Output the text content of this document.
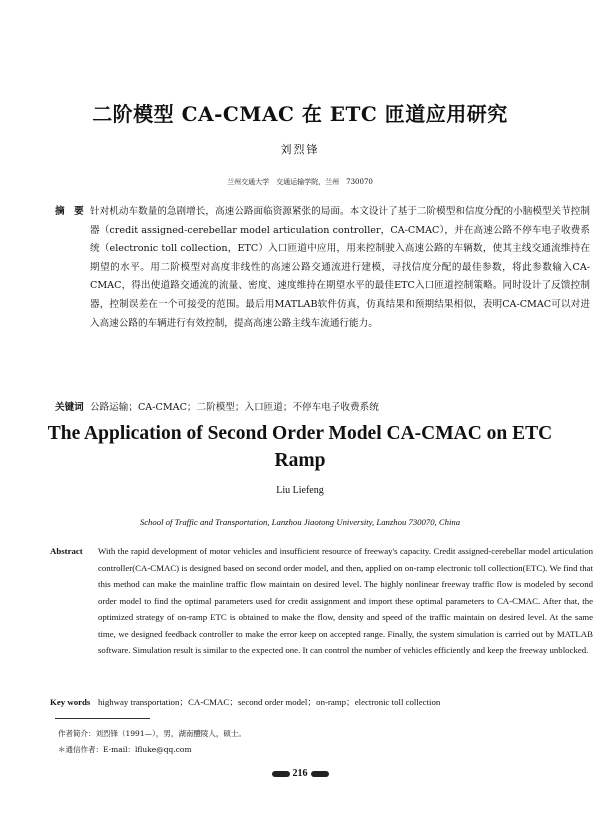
二阶模型 CA-CMAC 在 ETC 匝道应用研究
刘烈锋
兰州交通大学　交通运输学院，兰州　730070
摘　要 针对机动车数量的急剧增长，高速公路面临资源紧张的局面。本文设计了基于二阶模型和信度分配的小脑模型关节控制器（credit assigned-cerebellar model articulation controller，CA-CMAC），并在高速公路不停车电子收费系统（electronic toll collection，ETC）入口匝道中应用，用来控制驶入高速公路的车辆数，使其主线交通流维持在期望的水平。用二阶模型对高度非线性的高速公路交通流进行建模，寻找信度分配的最佳参数，将此参数输入CA-CMAC，得出使道路交通流的流量、密度、速度维持在期望水平的最佳ETC入口匝道控制策略。同时设计了反馈控制器，控制误差在一个可接受的范围。最后用MATLAB软件仿真，仿真结果和预期结果相似，表明CA-CMAC可以对进入高速公路的车辆进行有效控制，提高高速公路主线车流通行能力。
关键词 公路运输；CA-CMAC；二阶模型；入口匝道；不停车电子收费系统
The Application of Second Order Model CA-CMAC on ETC Ramp
Liu Liefeng
School of Traffic and Transportation, Lanzhou Jiaotong University, Lanzhou 730070, China
Abstract With the rapid development of motor vehicles and insufficient resource of freeway's capacity. Credit assigned-cerebellar model articulation controller(CA-CMAC) is designed based on second order model, and then, applied on on-ramp electronic toll collection(ETC). We find that this method can make the mainline traffic flow maintain on desired level. The highly nonlinear freeway traffic flow is modeled by second order model to find the optimal parameters used for credit assignment and import these optimal parameters to CA-CMAC. After that, the optimized strategy of on-ramp ETC is obtained to make the flow, density and speed of the traffic maintain on desired level. At the same time, we designed feedback controller to make the error keep on accepted range. Finally, the system simulation is carried out by MATLAB software. Simulation result is similar to the expected one. It can control the number of vehicles efficiently and keep the freeway unblocked.
Key words highway transportation；CA-CMAC；second order model；on-ramp；electronic toll collection
作者简介：刘烈锋（1991—），男，湖南醴陵人，硕士。
＊通信作者：E-mail：lfluke@qq.com
216
